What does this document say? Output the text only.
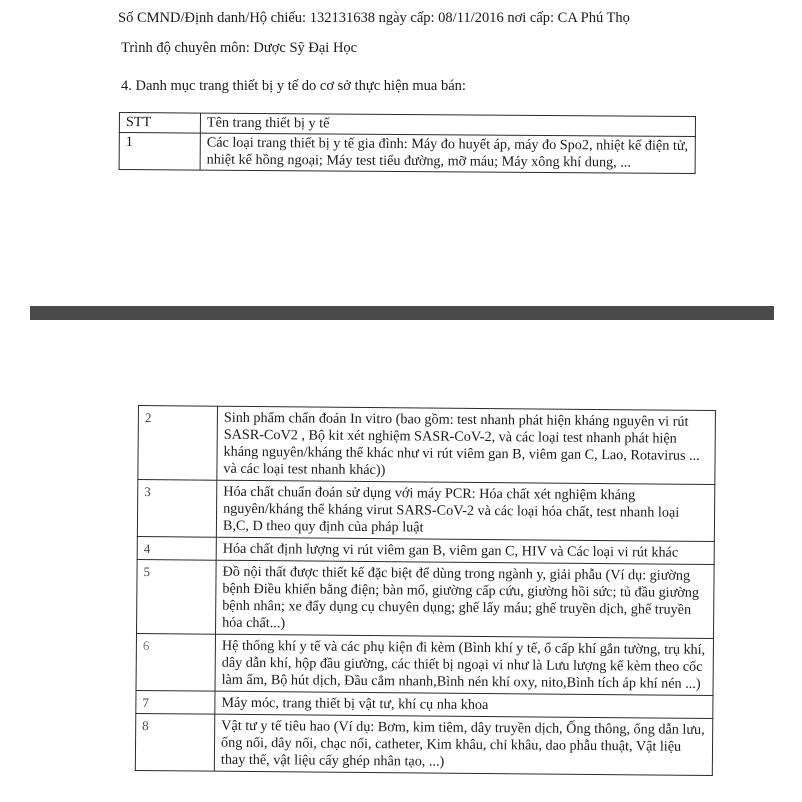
Số CMND/Định danh/Hộ chiếu: 132131638 ngày cấp: 08/11/2016 nơi cấp: CA Phú Thọ
Trình độ chuyên môn: Dược Sỹ Đại Học
4. Danh mục trang thiết bị y tế do cơ sở thực hiện mua bán:
STT	Tên trang thiết bị y tế
1	Các loại trang thiết bị y tế gia đình: Máy đo huyết áp, máy đo Spo2, nhiệt kế điện tử, nhiệt kế hồng ngoại; Máy test tiểu đường, mỡ máu; Máy xông khí dung, ...
2	Sinh phẩm chẩn đoán In vitro (bao gồm: test nhanh phát hiện kháng nguyên vi rút SASR-CoV2 , Bộ kit xét nghiệm SASR-CoV-2, và các loại test nhanh phát hiện kháng nguyên/kháng thể khác như vi rút viêm gan B, viêm gan C, Lao, Rotavirus ... và các loại test nhanh khác))
3	Hóa chất chuẩn đoán sử dụng với máy PCR: Hóa chất xét nghiệm kháng nguyên/kháng thể kháng virut SARS-CoV-2 và các loại hóa chất, test nhanh loại B,C, D theo quy định của pháp luật
4	Hóa chất định lượng vi rút viêm gan B, viêm gan C, HIV và Các loại vi rút khác
5	Đồ nội thất được thiết kế đặc biệt để dùng trong ngành y, giải phẫu (Ví dụ: giường bệnh Điều khiển bằng điện; bàn mổ, giường cấp cứu, giường hồi sức; tủ đầu giường bệnh nhân; xe đẩy dụng cụ chuyên dụng; ghế lấy máu; ghế truyền dịch, ghế truyền hóa chất...)
6	Hệ thống khí y tế và các phụ kiện đi kèm (Bình khí y tế, ổ cấp khí gắn tường, trụ khí, dây dẫn khí, hộp đầu giường, các thiết bị ngoại vi như là Lưu lượng kế kèm theo cốc làm ẩm, Bộ hút dịch, Đầu cắm nhanh,Bình nén khí oxy, nito,Bình tích áp khí nén ...)
7	Máy móc, trang thiết bị vật tư, khí cụ nha khoa
8	Vật tư y tế tiêu hao (Ví dụ: Bơm, kim tiêm, dây truyền dịch, Ống thông, ống dẫn lưu, ống nối, dây nối, chạc nối, catheter, Kim khâu, chỉ khâu, dao phẫu thuật, Vật liệu thay thế, vật liệu cấy ghép nhân tạo, ...)
